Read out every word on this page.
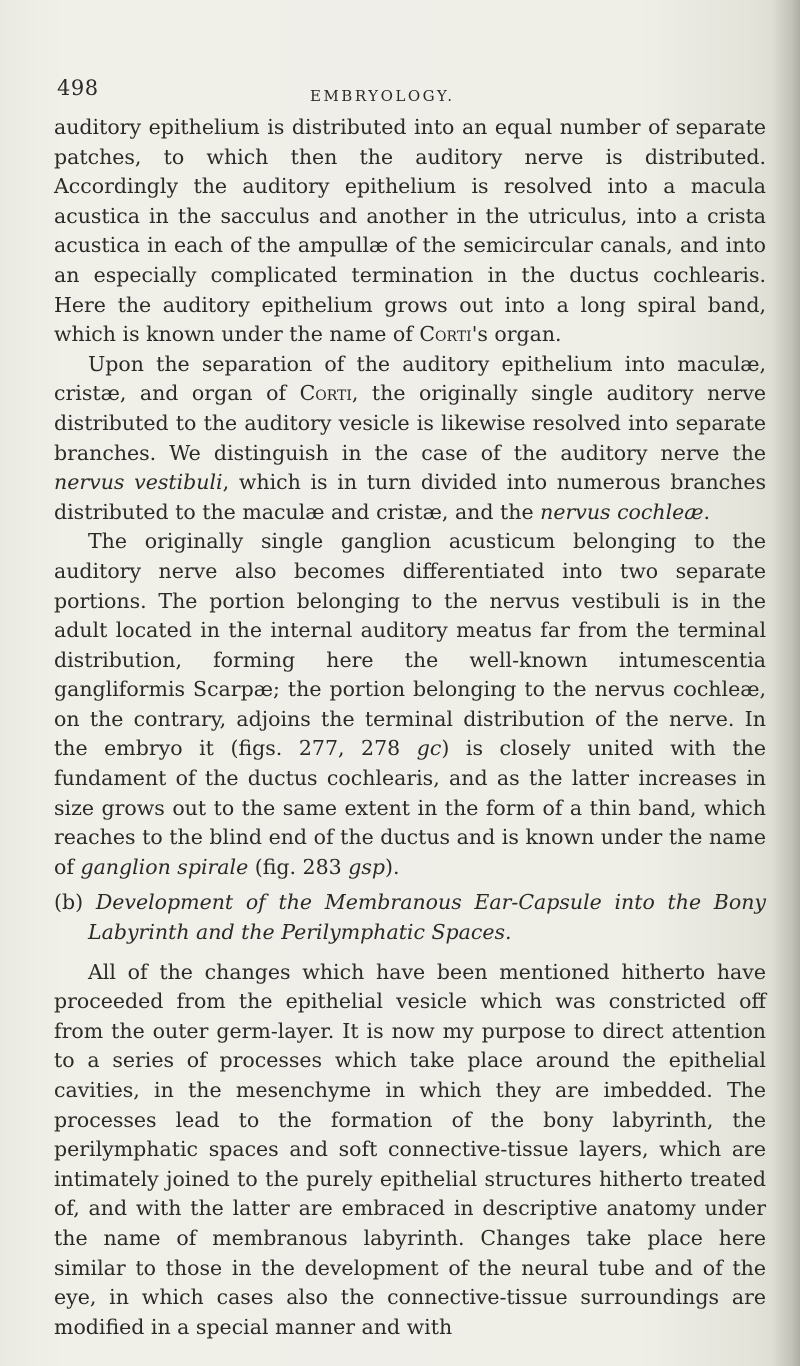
498	EMBRYOLOGY.

auditory epithelium is distributed into an equal number of separate patches, to which then the auditory nerve is distributed. Accordingly the auditory epithelium is resolved into a macula acustica in the sacculus and another in the utriculus, into a crista acustica in each of the ampullæ of the semicircular canals, and into an especially complicated termination in the ductus cochlearis. Here the auditory epithelium grows out into a long spiral band, which is known under the name of Corti's organ.

Upon the separation of the auditory epithelium into maculæ, cristæ, and organ of Corti, the originally single auditory nerve distributed to the auditory vesicle is likewise resolved into separate branches. We distinguish in the case of the auditory nerve the nervus vestibuli, which is in turn divided into numerous branches distributed to the maculæ and cristæ, and the nervus cochleæ.

The originally single ganglion acusticum belonging to the auditory nerve also becomes differentiated into two separate portions. The portion belonging to the nervus vestibuli is in the adult located in the internal auditory meatus far from the terminal distribution, forming here the well-known intumescentia gangliformis Scarpæ; the portion belonging to the nervus cochleæ, on the contrary, adjoins the terminal distribution of the nerve. In the embryo it (figs. 277, 278 gc) is closely united with the fundament of the ductus cochlearis, and as the latter increases in size grows out to the same extent in the form of a thin band, which reaches to the blind end of the ductus and is known under the name of ganglion spirale (fig. 283 gsp).

(b) Development of the Membranous Ear-Capsule into the Bony Labyrinth and the Perilymphatic Spaces.

All of the changes which have been mentioned hitherto have proceeded from the epithelial vesicle which was constricted off from the outer germ-layer. It is now my purpose to direct attention to a series of processes which take place around the epithelial cavities, in the mesenchyme in which they are imbedded. The processes lead to the formation of the bony labyrinth, the perilymphatic spaces and soft connective-tissue layers, which are intimately joined to the purely epithelial structures hitherto treated of, and with the latter are embraced in descriptive anatomy under the name of membranous labyrinth. Changes take place here similar to those in the development of the neural tube and of the eye, in which cases also the connective-tissue surroundings are modified in a special manner and with
